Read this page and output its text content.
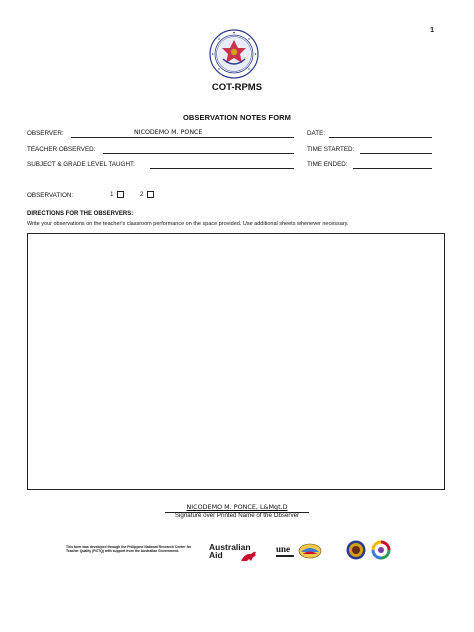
1
COT-RPMS
OBSERVATION NOTES FORM
OBSERVER:	NICODEMO M. PONCE	DATE:
TEACHER OBSERVED:	TIME STARTED:
SUBJECT & GRADE LEVEL TAUGHT:	TIME ENDED:
OBSERVATION:	1	2
DIRECTIONS FOR THE OBSERVERS:
Write your observations on the teacher's classroom performance on the space provided. Use additional sheets whenever necessary.
NICODEMO M. PONCE, L&Mgt.D
Signature over Printed Name of the Observer
This form was developed through the Philippine National Research Center for Teacher Quality (RCTQ) with support from the Australian Government.	Australian Aid
une
